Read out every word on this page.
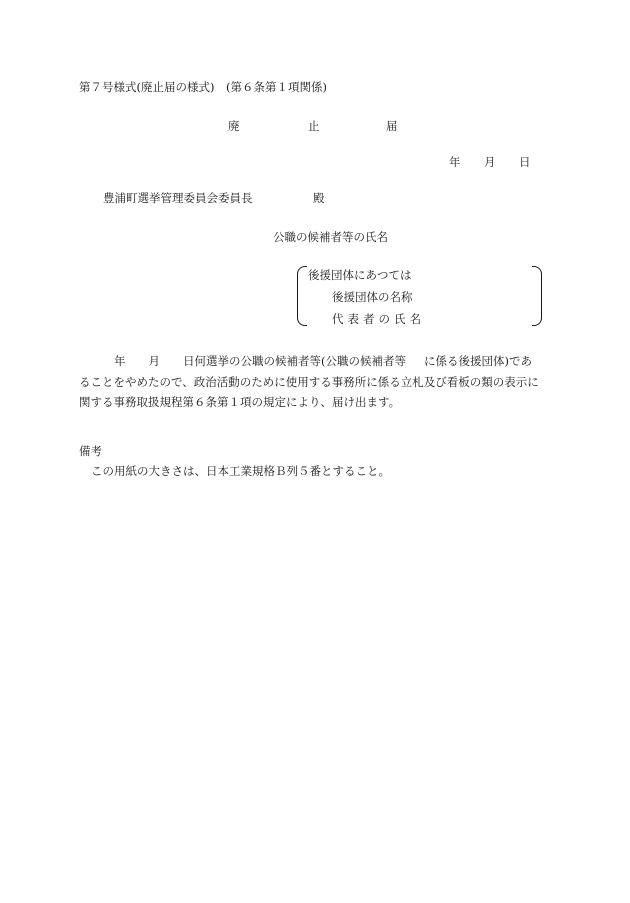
第７号様式(廃止届の様式)　(第６条第１項関係)
廃	止	届
年 月 日
豊浦町選挙管理委員会委員長	殿
公職の候補者等の氏名
後援団体にあつては
後援団体の名称
代表者の氏名
年 月 日何選挙の公職の候補者等(公職の候補者等 に係る後援団体)であ
ることをやめたので、政治活動のために使用する事務所に係る立札及び看板の類の表示に
関する事務取扱規程第６条第１項の規定により、届け出ます。
備考
この用紙の大きさは、日本工業規格Ｂ列５番とすること。
